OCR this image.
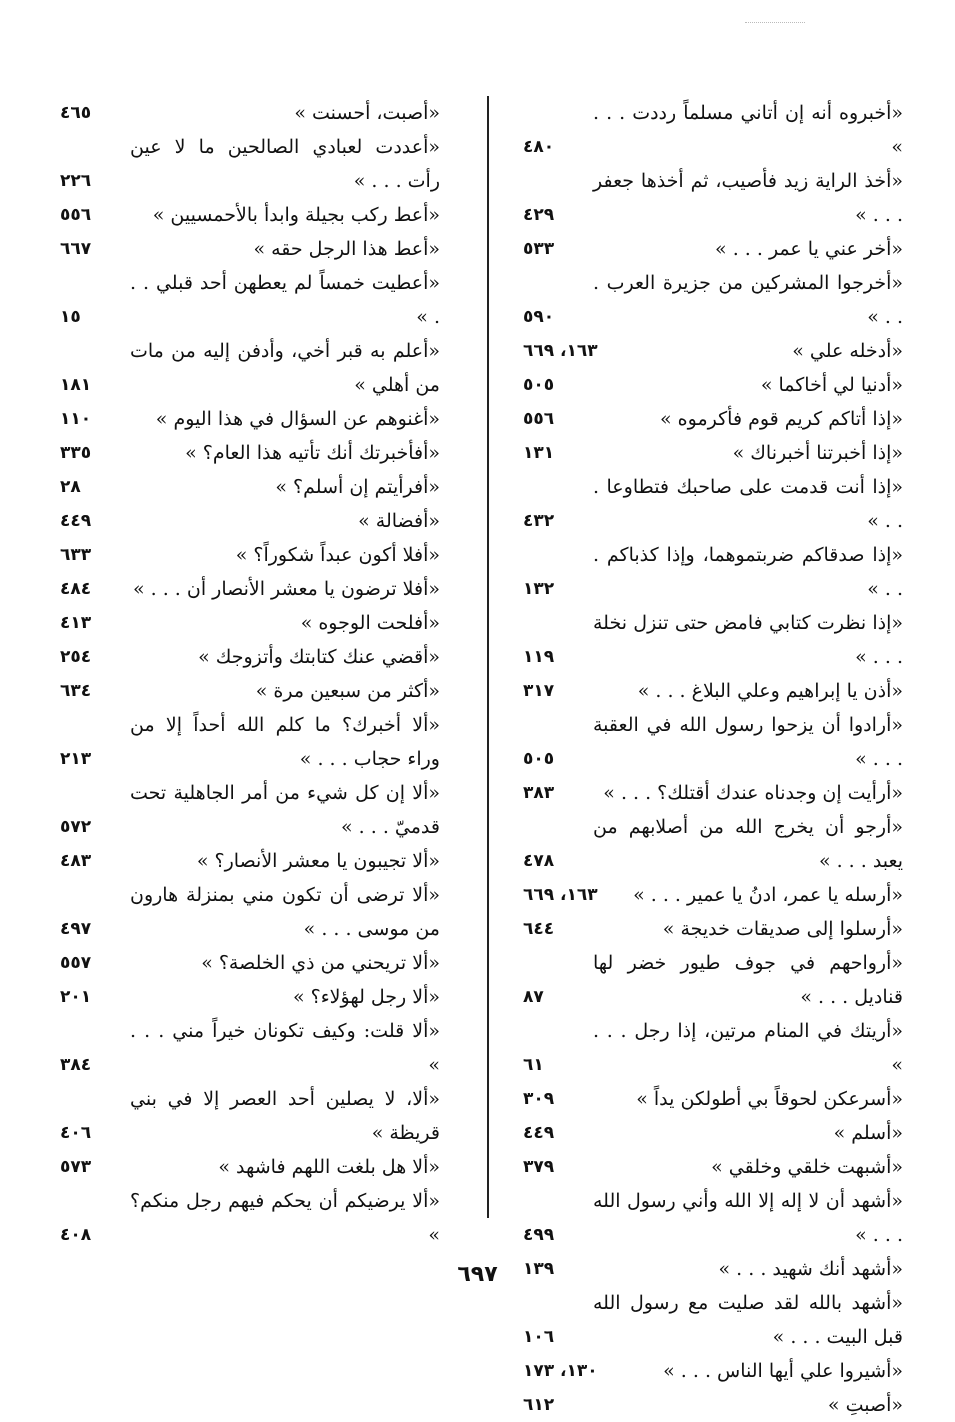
«أخبروه أنه إن أتاني مسلماً رددت . . . »
٤٨٠
«أخذ الراية زيد فأصيب، ثم أخذها جعفر . . . »
٤٢٩
«أخر عني يا عمر . . . »
٥٣٣
«أخرجوا المشركين من جزيرة العرب . . . »
٥٩٠
«أدخله علي »
١٦٣، ٦٦٩
«أدنيا لي أخاكما »
٥٠٥
«إذا أتاكم كريم قوم فأكرموه »
٥٥٦
«إذا أخبرتنا أخبرناك »
١٣١
«إذا أنت قدمت على صاحبك فتطاوعا . . . »
٤٣٢
«إذا صدقاكم ضربتموهما، وإذا كذباكم . . . »
١٣٢
«إذا نظرت كتابي فامض حتى تنزل نخلة . . . »
١١٩
«أذن يا إبراهيم وعلي البلاغ . . . »
٣١٧
«أرادوا أن يزحوا رسول الله في العقبة . . . »
٥٠٥
«أرأيت إن وجدناه عندك أقتلك؟ . . . »
٣٨٣
«أرجو أن يخرج الله من أصلابهم من يعبد . . . »
٤٧٨
«أرسله يا عمر، ادنُ يا عمير . . . »
١٦٣، ٦٦٩
«أرسلوا إلى صديقات خديجة »
٦٤٤
«أرواحهم في جوف طيور خضر لها قناديل . . . »
٨٧
«أريتك في المنام مرتين، إذا رجل . . . »
٦١
«أسرعكن لحوقاً بي أطولكن يداً »
٣٠٩
«أسلم »
٤٤٩
«أشبهت خلقي وخلقي »
٣٧٩
«أشهد أن لا إله إلا الله وأني رسول الله . . . »
٤٩٩
«أشهد أنك شهيد . . . »
١٣٩
«أشهد بالله لقد صليت مع رسول الله قبل البيت . . . »
١٠٦
«أشيروا علي أيها الناس . . . »
١٣٠، ١٧٣
«أصبتِ »
٦١٢
«أصبت، أحسنت »
٤٦٥
«أعددت لعبادي الصالحين ما لا عين رأت . . . »
٢٢٦
«أعط ركب بجيلة وابدأ بالأحمسيين »
٥٥٦
«أعط هذا الرجل حقه »
٦٦٧
«أعطيت خمساً لم يعطهن أحد قبلي . . . »
١٥
«أعلم به قبر أخي، وأدفن إليه من مات من أهلي »
١٨١
«أغنوهم عن السؤال في هذا اليوم »
١١٠
«أفأخبرتك أنك تأتيه هذا العام؟ »
٣٣٥
«أفرأيتم إن أسلم؟ »
٢٨
«أفضالة »
٤٤٩
«أفلا أكون عبداً شكوراً؟ »
٦٣٣
«أفلا ترضون يا معشر الأنصار أن . . . »
٤٨٤
«أفلحت الوجوه »
٤١٣
«أقضي عنك كتابتك وأتزوجك »
٢٥٤
«أكثر من سبعين مرة »
٦٣٤
«ألا أخبرك؟ ما كلم الله أحداً إلا من وراء حجاب . . . »
٢١٣
«ألا إن كل شيء من أمر الجاهلية تحت قدميّ . . . »
٥٧٢
«ألا تجيبون يا معشر الأنصار؟ »
٤٨٣
«ألا ترضى أن تكون مني بمنزلة هارون من موسى . . . »
٤٩٧
«ألا تريحني من ذي الخلصة؟ »
٥٥٧
«ألا رجل لهؤلاء؟ »
٢٠١
«ألا قلت: وكيف تكونان خيراً مني . . . »
٣٨٤
«ألا، لا يصلين أحد العصر إلا في بني قريظة »
٤٠٦
«ألا هل بلغت اللهم فاشهد »
٥٧٣
«ألا يرضيكم أن يحكم فيهم رجل منكم؟ »
٤٠٨
٦٩٧
